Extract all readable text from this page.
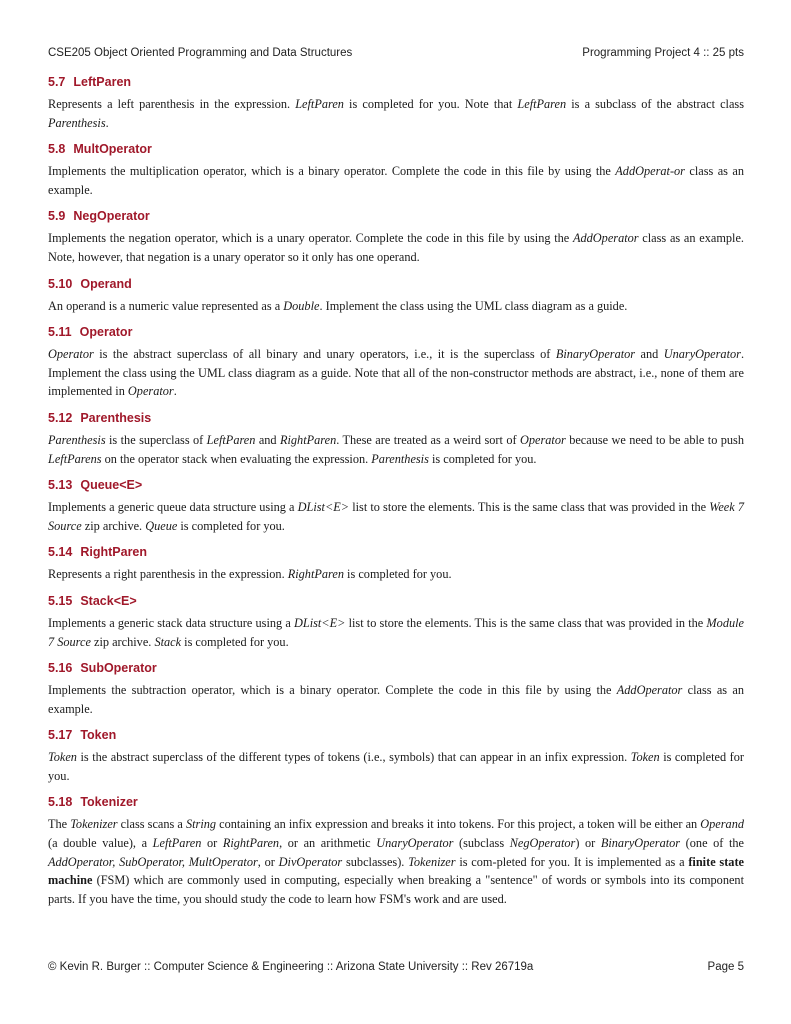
CSE205 Object Oriented Programming and Data Structures	Programming Project 4 :: 25 pts
5.7 LeftParen

Represents a left parenthesis in the expression. LeftParen is completed for you. Note that LeftParen is a subclass of the abstract class Parenthesis.

5.8 MultOperator

Implements the multiplication operator, which is a binary operator. Complete the code in this file by using the AddOperat-or class as an example.

5.9 NegOperator

Implements the negation operator, which is a unary operator. Complete the code in this file by using the AddOperator class as an example. Note, however, that negation is a unary operator so it only has one operand.

5.10 Operand

An operand is a numeric value represented as a Double. Implement the class using the UML class diagram as a guide.

5.11 Operator

Operator is the abstract superclass of all binary and unary operators, i.e., it is the superclass of BinaryOperator and UnaryOperator. Implement the class using the UML class diagram as a guide. Note that all of the non-constructor methods are abstract, i.e., none of them are implemented in Operator.

5.12 Parenthesis

Parenthesis is the superclass of LeftParen and RightParen. These are treated as a weird sort of Operator because we need to be able to push LeftParens on the operator stack when evaluating the expression. Parenthesis is completed for you.

5.13 Queue<E>

Implements a generic queue data structure using a DList<E> list to store the elements. This is the same class that was provided in the Week 7 Source zip archive. Queue is completed for you.

5.14 RightParen

Represents a right parenthesis in the expression. RightParen is completed for you.

5.15 Stack<E>

Implements a generic stack data structure using a DList<E> list to store the elements. This is the same class that was provided in the Module 7 Source zip archive. Stack is completed for you.

5.16 SubOperator

Implements the subtraction operator, which is a binary operator. Complete the code in this file by using the AddOperator class as an example.

5.17 Token

Token is the abstract superclass of the different types of tokens (i.e., symbols) that can appear in an infix expression. Token is completed for you.

5.18 Tokenizer

The Tokenizer class scans a String containing an infix expression and breaks it into tokens. For this project, a token will be either an Operand (a double value), a LeftParen or RightParen, or an arithmetic UnaryOperator (subclass NegOperator) or BinaryOperator (one of the AddOperator, SubOperator, MultOperator, or DivOperator subclasses). Tokenizer is com-pleted for you. It is implemented as a finite state machine (FSM) which are commonly used in computing, especially when breaking a "sentence" of words or symbols into its component parts. If you have the time, you should study the code to learn how FSM's work and are used.

© Kevin R. Burger :: Computer Science & Engineering :: Arizona State University :: Rev 26719a	Page 5
